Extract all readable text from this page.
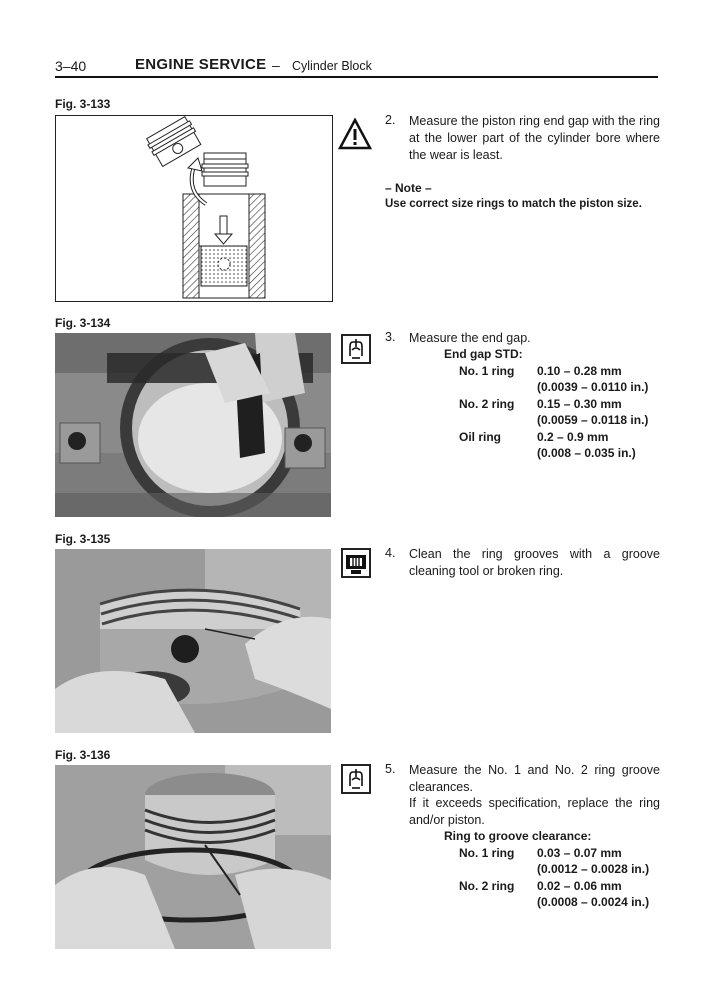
3–40	ENGINE SERVICE – Cylinder Block
Fig. 3-133
2. Measure the piston ring end gap with the ring at the lower part of the cylinder bore where the wear is least.
– Note –
Use correct size rings to match the piston size.
Fig. 3-134
3. Measure the end gap.
End gap STD:
No. 1 ring 0.10 – 0.28 mm
(0.0039 – 0.0110 in.)
No. 2 ring 0.15 – 0.30 mm
(0.0059 – 0.0118 in.)
Oil ring	0.2 – 0.9 mm
(0.008 – 0.035 in.)
Fig. 3-135
4. Clean the ring grooves with a groove cleaning tool or broken ring.
Fig. 3-136
5. Measure the No. 1 and No. 2 ring groove clearances.
If it exceeds specification, replace the ring and/or piston.
Ring to groove clearance:
No. 1 ring 0.03 – 0.07 mm
(0.0012 – 0.0028 in.)
No. 2 ring 0.02 – 0.06 mm
(0.0008 – 0.0024 in.)
